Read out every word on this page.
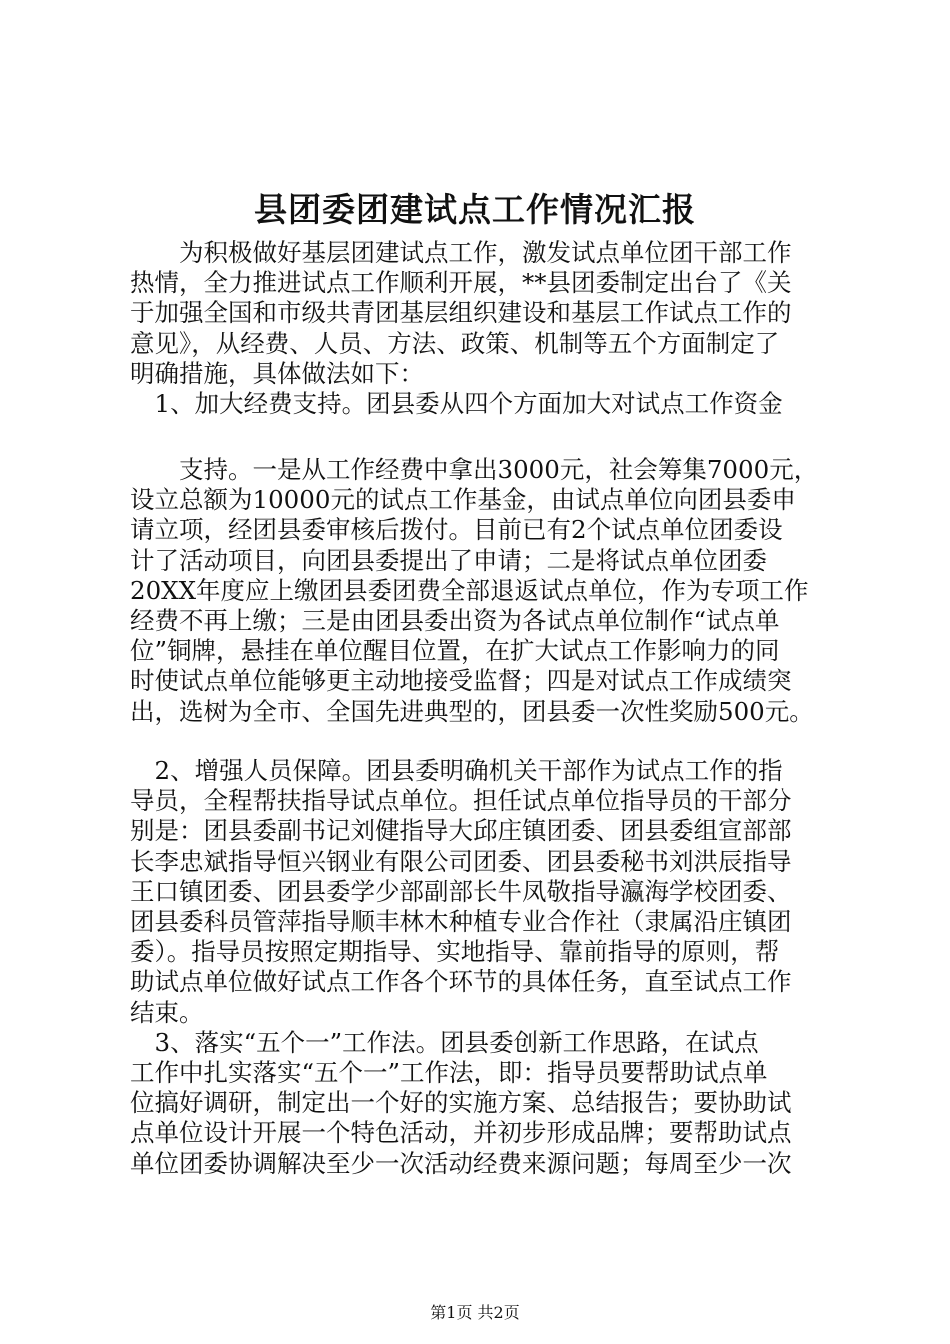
县团委团建试点工作情况汇报
　　为积极做好基层团建试点工作，激发试点单位团干部工作
热情，全力推进试点工作顺利开展，**县团委制定出台了《关
于加强全国和市级共青团基层组织建设和基层工作试点工作的
意见》，从经费、人员、方法、政策、机制等五个方面制定了
明确措施，具体做法如下：
　1、加大经费支持。团县委从四个方面加大对试点工作资金
　　支持。一是从工作经费中拿出3000元，社会筹集7000元，
设立总额为10000元的试点工作基金，由试点单位向团县委申
请立项，经团县委审核后拨付。目前已有2个试点单位团委设
计了活动项目，向团县委提出了申请；二是将试点单位团委
20XX年度应上缴团县委团费全部退返试点单位，作为专项工作
经费不再上缴；三是由团县委出资为各试点单位制作“试点单
位”铜牌，悬挂在单位醒目位置，在扩大试点工作影响力的同
时使试点单位能够更主动地接受监督；四是对试点工作成绩突
出，选树为全市、全国先进典型的，团县委一次性奖励500元。
　2、增强人员保障。团县委明确机关干部作为试点工作的指
导员，全程帮扶指导试点单位。担任试点单位指导员的干部分
别是：团县委副书记刘健指导大邱庄镇团委、团县委组宣部部
长李忠斌指导恒兴钢业有限公司团委、团县委秘书刘洪辰指导
王口镇团委、团县委学少部副部长牛凤敬指导瀛海学校团委、
团县委科员管萍指导顺丰林木种植专业合作社（隶属沿庄镇团
委）。指导员按照定期指导、实地指导、靠前指导的原则，帮
助试点单位做好试点工作各个环节的具体任务，直至试点工作
结束。
　3、落实“五个一”工作法。团县委创新工作思路，在试点
工作中扎实落实“五个一”工作法，即：指导员要帮助试点单
位搞好调研，制定出一个好的实施方案、总结报告；要协助试
点单位设计开展一个特色活动，并初步形成品牌；要帮助试点
单位团委协调解决至少一次活动经费来源问题；每周至少一次
第1页 共2页
